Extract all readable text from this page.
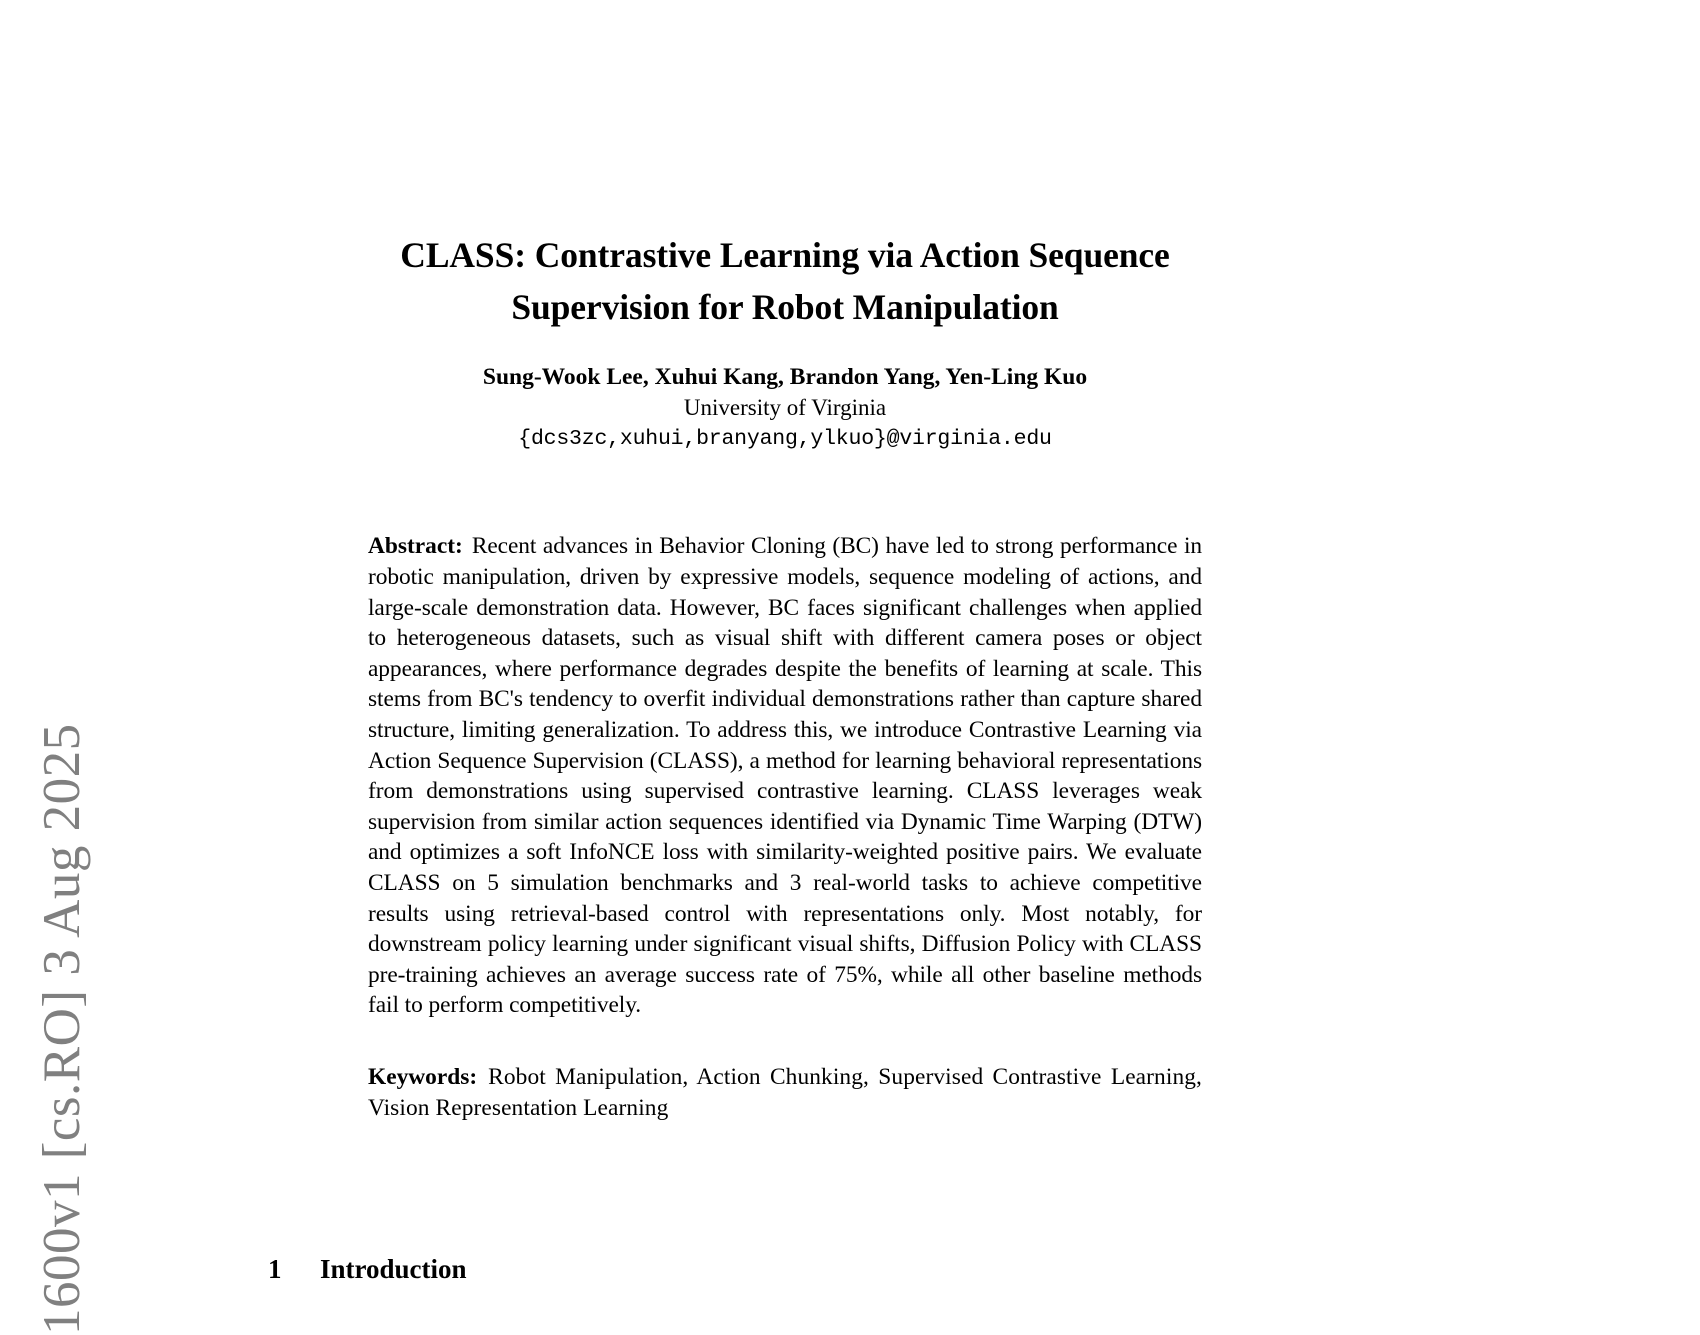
1600v1 [cs.RO] 3 Aug 2025
CLASS: Contrastive Learning via Action Sequence
Supervision for Robot Manipulation
Sung-Wook Lee, Xuhui Kang, Brandon Yang, Yen-Ling Kuo
University of Virginia
{dcs3zc,xuhui,branyang,ylkuo}@virginia.edu

Abstract: Recent advances in Behavior Cloning (BC) have led to strong performance in robotic manipulation, driven by expressive models, sequence modeling of actions, and large-scale demonstration data. However, BC faces significant challenges when applied to heterogeneous datasets, such as visual shift with different camera poses or object appearances, where performance degrades despite the benefits of learning at scale. This stems from BC's tendency to overfit individual demonstrations rather than capture shared structure, limiting generalization. To address this, we introduce Contrastive Learning via Action Sequence Supervision (CLASS), a method for learning behavioral representations from demonstrations using supervised contrastive learning. CLASS leverages weak supervision from similar action sequences identified via Dynamic Time Warping (DTW) and optimizes a soft InfoNCE loss with similarity-weighted positive pairs. We evaluate CLASS on 5 simulation benchmarks and 3 real-world tasks to achieve competitive results using retrieval-based control with representations only. Most notably, for downstream policy learning under significant visual shifts, Diffusion Policy with CLASS pre-training achieves an average success rate of 75%, while all other baseline methods fail to perform competitively.

Keywords: Robot Manipulation, Action Chunking, Supervised Contrastive Learning, Vision Representation Learning
1 Introduction
